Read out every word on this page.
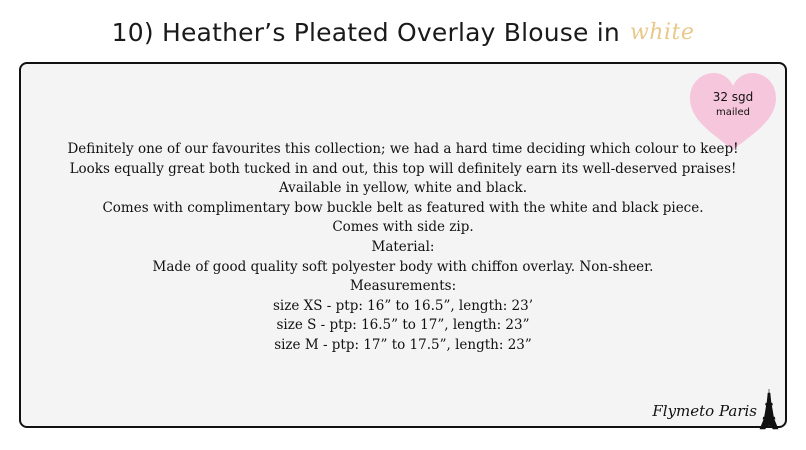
10) Heather’s Pleated Overlay Blouse in white
32 sgd
mailed
Definitely one of our favourites this collection; we had a hard time deciding which colour to keep!
Looks equally great both tucked in and out, this top will definitely earn its well-deserved praises!
Available in yellow, white and black.
Comes with complimentary bow buckle belt as featured with the white and black piece.
Comes with side zip.
Material:
Made of good quality soft polyester body with chiffon overlay. Non-sheer.
Measurements:
size XS - ptp: 16” to 16.5”, length: 23’
size S - ptp: 16.5” to 17”, length: 23”
size M - ptp: 17” to 17.5”, length: 23”
Flymeto Paris
